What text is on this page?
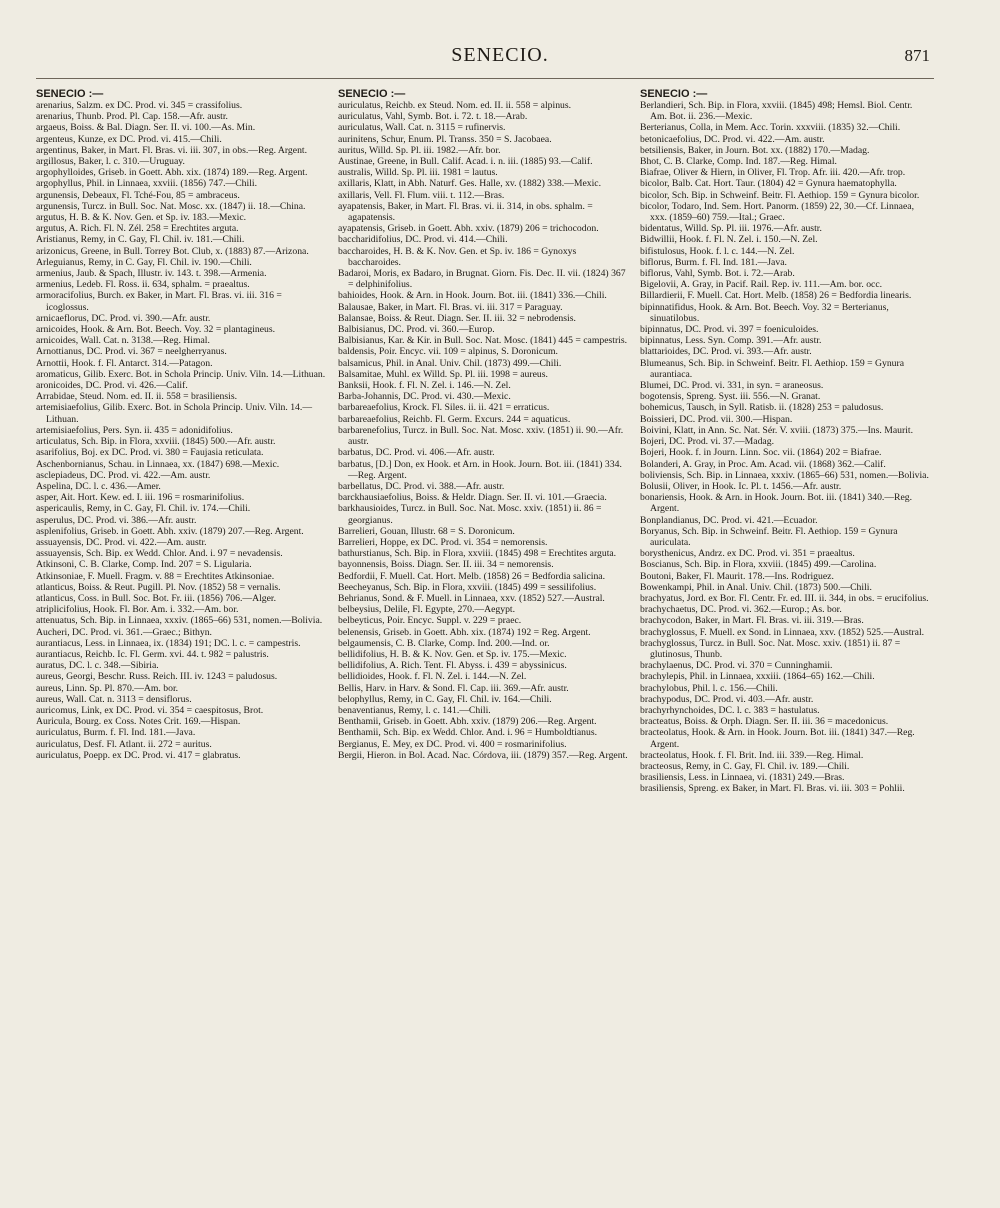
SENECIO.	871
SENECIO :—
arenarius, Salzm. ex DC. Prod. vi. 345 = crassifolius.
arenarius, Thunb. Prod. Pl. Cap. 158.—Afr. austr.
argaeus, Boiss. & Bal. Diagn. Ser. II. vi. 100.—As. Min.
argenteus, Kunze, ex DC. Prod. vi. 415.—Chili.
argentinus, Baker, in Mart. Fl. Bras. vi. iii. 307, in obs.—Reg. Argent.
argillosus, Baker, l. c. 310.—Uruguay.
argophylloides, Griseb. in Goett. Abh. xix. (1874) 189.—Reg. Argent.
argophyllus, Phil. in Linnaea, xxviii. (1856) 747.—Chili.
argunensis, Debeaux, Fl. Tché-Fou, 85 = ambraceus.
argunensis, Turcz. in Bull. Soc. Nat. Mosc. xx. (1847) ii. 18.—China.
argutus, H. B. & K. Nov. Gen. et Sp. iv. 183.—Mexic.
argutus, A. Rich. Fl. N. Zél. 258 = Erechtites arguta.
Aristianus, Remy, in C. Gay, Fl. Chil. iv. 181.—Chili.
arizonicus, Greene, in Bull. Torrey Bot. Club, x. (1883) 87.—Arizona.
Arleguianus, Remy, in C. Gay, Fl. Chil. iv. 190.—Chili.
armenius, Jaub. & Spach, Illustr. iv. 143. t. 398.—Armenia.
armenius, Ledeb. Fl. Ross. ii. 634, sphalm. = praealtus.
armoracifolius, Burch. ex Baker, in Mart. Fl. Bras. vi. iii. 316 = icoglossus.
arnicaeflorus, DC. Prod. vi. 390.—Afr. austr.
arnicoides, Hook. & Arn. Bot. Beech. Voy. 32 = plantagineus.
arnicoides, Wall. Cat. n. 3138.—Reg. Himal.
Arnottianus, DC. Prod. vi. 367 = neelgherryanus.
Arnottii, Hook. f. Fl. Antarct. 314.—Patagon.
aromaticus, Gilib. Exerc. Bot. in Schola Princip. Univ. Viln. 14.—Lithuan.
aronicoides, DC. Prod. vi. 426.—Calif.
Arrabidae, Steud. Nom. ed. II. ii. 558 = brasiliensis.
artemisiaefolius, Gilib. Exerc. Bot. in Schola Princip. Univ. Viln. 14.—Lithuan.
artemisiaefolius, Pers. Syn. ii. 435 = adonidifolius.
articulatus, Sch. Bip. in Flora, xxviii. (1845) 500.—Afr. austr.
asarifolius, Boj. ex DC. Prod. vi. 380 = Faujasia reticulata.
Aschenbornianus, Schau. in Linnaea, xx. (1847) 698.—Mexic.
asclepiadeus, DC. Prod. vi. 422.—Am. austr.
Aspelina, DC. l. c. 436.—Amer.
asper, Ait. Hort. Kew. ed. I. iii. 196 = rosmarinifolius.
aspericaulis, Remy, in C. Gay, Fl. Chil. iv. 174.—Chili.
asperulus, DC. Prod. vi. 386.—Afr. austr.
asplenifolius, Griseb. in Goett. Abh. xxiv. (1879) 207.—Reg. Argent.
assuayensis, DC. Prod. vi. 422.—Am. austr.
assuayensis, Sch. Bip. ex Wedd. Chlor. And. i. 97 = nevadensis.
Atkinsoni, C. B. Clarke, Comp. Ind. 207 = S. Ligularia.
Atkinsoniae, F. Muell. Fragm. v. 88 = Erechtites Atkinsoniae.
atlanticus, Boiss. & Reut. Pugill. Pl. Nov. (1852) 58 = vernalis.
atlanticus, Coss. in Bull. Soc. Bot. Fr. iii. (1856) 706.—Alger.
atriplicifolius, Hook. Fl. Bor. Am. i. 332.—Am. bor.
attenuatus, Sch. Bip. in Linnaea, xxxiv. (1865–66) 531, nomen.—Bolivia.
Aucheri, DC. Prod. vi. 361.—Graec.; Bithyn.
aurantiacus, Less. in Linnaea, ix. (1834) 191; DC. l. c. = campestris.
aurantiacus, Reichb. Ic. Fl. Germ. xvi. 44. t. 982 = palustris.
auratus, DC. l. c. 348.—Sibiria.
aureus, Georgi, Beschr. Russ. Reich. III. iv. 1243 = paludosus.
aureus, Linn. Sp. Pl. 870.—Am. bor.
aureus, Wall. Cat. n. 3113 = densiflorus.
auricomus, Link, ex DC. Prod. vi. 354 = caespitosus, Brot.
Auricula, Bourg. ex Coss. Notes Crit. 169.—Hispan.
auriculatus, Burm. f. Fl. Ind. 181.—Java.
auriculatus, Desf. Fl. Atlant. ii. 272 = auritus.
auriculatus, Poepp. ex DC. Prod. vi. 417 = glabratus.
SENECIO :—
auriculatus, Reichb. ex Steud. Nom. ed. II. ii. 558 = alpinus.
auriculatus, Vahl, Symb. Bot. i. 72. t. 18.—Arab.
auriculatus, Wall. Cat. n. 3115 = rufinervis.
aurinitens, Schur, Enum. Pl. Transs. 350 = S. Jacobaea.
auritus, Willd. Sp. Pl. iii. 1982.—Afr. bor.
Austinae, Greene, in Bull. Calif. Acad. i. n. iii. (1885) 93.—Calif.
australis, Willd. Sp. Pl. iii. 1981 = lautus.
axillaris, Klatt, in Abh. Naturf. Ges. Halle, xv. (1882) 338.—Mexic.
axillaris, Vell. Fl. Flum. viii. t. 112.—Bras.
ayapatensis, Baker, in Mart. Fl. Bras. vi. ii. 314, in obs. sphalm. = agapatensis.
ayapatensis, Griseb. in Goett. Abh. xxiv. (1879) 206 = trichocodon.
baccharidifolius, DC. Prod. vi. 414.—Chili.
baccharoides, H. B. & K. Nov. Gen. et Sp. iv. 186 = Gynoxys baccharoides.
Badaroi, Moris, ex Badaro, in Brugnat. Giorn. Fis. Dec. II. vii. (1824) 367 = delphinifolius.
bahioides, Hook. & Arn. in Hook. Journ. Bot. iii. (1841) 336.—Chili.
Balausae, Baker, in Mart. Fl. Bras. vi. iii. 317 = Paraguay.
Balansae, Boiss. & Reut. Diagn. Ser. II. iii. 32 = nebrodensis.
Balbisianus, DC. Prod. vi. 360.—Europ.
Balbisianus, Kar. & Kir. in Bull. Soc. Nat. Mosc. (1841) 445 = campestris.
baldensis, Poir. Encyc. vii. 109 = alpinus, S. Doronicum.
balsamicus, Phil. in Anal. Univ. Chil. (1873) 499.—Chili.
Balsamitae, Muhl. ex Willd. Sp. Pl. iii. 1998 = aureus.
Banksii, Hook. f. Fl. N. Zel. i. 146.—N. Zel.
Barba-Johannis, DC. Prod. vi. 430.—Mexic.
barbareaefolius, Krock. Fl. Siles. ii. ii. 421 = erraticus.
barbareaefolius, Reichb. Fl. Germ. Excurs. 244 = aquaticus.
barbarenefolius, Turcz. in Bull. Soc. Nat. Mosc. xxiv. (1851) ii. 90.—Afr. austr.
barbatus, DC. Prod. vi. 406.—Afr. austr.
barbatus, [D.] Don, ex Hook. et Arn. in Hook. Journ. Bot. iii. (1841) 334.—Reg. Argent.
barbellatus, DC. Prod. vi. 388.—Afr. austr.
barckhausiaefolius, Boiss. & Heldr. Diagn. Ser. II. vi. 101.—Graecia.
barkhausioides, Turcz. in Bull. Soc. Nat. Mosc. xxiv. (1851) ii. 86 = georgianus.
Barrelieri, Gouan, Illustr. 68 = S. Doronicum.
Barrelieri, Hoppe, ex DC. Prod. vi. 354 = nemorensis.
bathurstianus, Sch. Bip. in Flora, xxviii. (1845) 498 = Erechtites arguta.
bayonnensis, Boiss. Diagn. Ser. II. iii. 34 = nemorensis.
Bedfordii, F. Muell. Cat. Hort. Melb. (1858) 26 = Bedfordia salicina.
Beecheyanus, Sch. Bip. in Flora, xxviii. (1845) 499 = sessilifolius.
Behrianus, Sond. & F. Muell. in Linnaea, xxv. (1852) 527.—Austral.
belbeysius, Delile, Fl. Egypte, 270.—Aegypt.
belbeyticus, Poir. Encyc. Suppl. v. 229 = praec.
belenensis, Griseb. in Goett. Abh. xix. (1874) 192 = Reg. Argent.
belgaumensis, C. B. Clarke, Comp. Ind. 200.—Ind. or.
bellidifolius, H. B. & K. Nov. Gen. et Sp. iv. 175.—Mexic.
bellidifolius, A. Rich. Tent. Fl. Abyss. i. 439 = abyssinicus.
bellidioides, Hook. f. Fl. N. Zel. i. 144.—N. Zel.
Bellis, Harv. in Harv. & Sond. Fl. Cap. iii. 369.—Afr. austr.
belophyllus, Remy, in C. Gay, Fl. Chil. iv. 164.—Chili.
benaventianus, Remy, l. c. 141.—Chili.
Benthamii, Griseb. in Goett. Abh. xxiv. (1879) 206.—Reg. Argent.
Benthamii, Sch. Bip. ex Wedd. Chlor. And. i. 96 = Humboldtianus.
Bergianus, E. Mey, ex DC. Prod. vi. 400 = rosmarinifolius.
Bergii, Hieron. in Bol. Acad. Nac. Córdova, iii. (1879) 357.—Reg. Argent.
SENECIO :—
Berlandieri, Sch. Bip. in Flora, xxviii. (1845) 498; Hemsl. Biol. Centr. Am. Bot. ii. 236.—Mexic.
Berterianus, Colla, in Mem. Acc. Torin. xxxviii. (1835) 32.—Chili.
betonicaefolius, DC. Prod. vi. 422.—Am. austr.
betsiliensis, Baker, in Journ. Bot. xx. (1882) 170.—Madag.
Bhot, C. B. Clarke, Comp. Ind. 187.—Reg. Himal.
Biafrae, Oliver & Hiern, in Oliver, Fl. Trop. Afr. iii. 420.—Afr. trop.
bicolor, Balb. Cat. Hort. Taur. (1804) 42 = Gynura haematophylla.
bicolor, Sch. Bip. in Schweinf. Beitr. Fl. Aethiop. 159 = Gynura bicolor.
bicolor, Todaro, Ind. Sem. Hort. Panorm. (1859) 22, 30.—Cf. Linnaea, xxx. (1859–60) 759.—Ital.; Graec.
bidentatus, Willd. Sp. Pl. iii. 1976.—Afr. austr.
Bidwillii, Hook. f. Fl. N. Zel. i. 150.—N. Zel.
bifistulosus, Hook. f. l. c. 144.—N. Zel.
biflorus, Burm. f. Fl. Ind. 181.—Java.
biflorus, Vahl, Symb. Bot. i. 72.—Arab.
Bigelovii, A. Gray, in Pacif. Rail. Rep. iv. 111.—Am. bor. occ.
Billardierii, F. Muell. Cat. Hort. Melb. (1858) 26 = Bedfordia linearis.
bipinnatifidus, Hook. & Arn. Bot. Beech. Voy. 32 = Berterianus, sinuatilobus.
bipinnatus, DC. Prod. vi. 397 = foeniculoides.
bipinnatus, Less. Syn. Comp. 391.—Afr. austr.
blattarioides, DC. Prod. vi. 393.—Afr. austr.
Blumeanus, Sch. Bip. in Schweinf. Beitr. Fl. Aethiop. 159 = Gynura aurantiaca.
Blumei, DC. Prod. vi. 331, in syn. = araneosus.
bogotensis, Spreng. Syst. iii. 556.—N. Granat.
bohemicus, Tausch, in Syll. Ratisb. ii. (1828) 253 = paludosus.
Boissieri, DC. Prod. vii. 300.—Hispan.
Boivini, Klatt, in Ann. Sc. Nat. Sér. V. xviii. (1873) 375.—Ins. Maurit.
Bojeri, DC. Prod. vi. 37.—Madag.
Bojeri, Hook. f. in Journ. Linn. Soc. vii. (1864) 202 = Biafrae.
Bolanderi, A. Gray, in Proc. Am. Acad. vii. (1868) 362.—Calif.
boliviensis, Sch. Bip. in Linnaea, xxxiv. (1865–66) 531, nomen.—Bolivia.
Bolusii, Oliver, in Hook. Ic. Pl. t. 1456.—Afr. austr.
bonariensis, Hook. & Arn. in Hook. Journ. Bot. iii. (1841) 340.—Reg. Argent.
Bonplandianus, DC. Prod. vi. 421.—Ecuador.
Boryanus, Sch. Bip. in Schweinf. Beitr. Fl. Aethiop. 159 = Gynura auriculata.
borysthenicus, Andrz. ex DC. Prod. vi. 351 = praealtus.
Boscianus, Sch. Bip. in Flora, xxviii. (1845) 499.—Carolina.
Boutoni, Baker, Fl. Maurit. 178.—Ins. Rodriguez.
Bowenkampi, Phil. in Anal. Univ. Chil. (1873) 500.—Chili.
brachyatus, Jord. ex Bor. Fl. Centr. Fr. ed. III. ii. 344, in obs. = erucifolius.
brachychaetus, DC. Prod. vi. 362.—Europ.; As. bor.
brachycodon, Baker, in Mart. Fl. Bras. vi. iii. 319.—Bras.
brachyglossus, F. Muell. ex Sond. in Linnaea, xxv. (1852) 525.—Austral.
brachyglossus, Turcz. in Bull. Soc. Nat. Mosc. xxiv. (1851) ii. 87 = glutinosus, Thunb.
brachylaenus, DC. Prod. vi. 370 = Cunninghamii.
brachylepis, Phil. in Linnaea, xxxiii. (1864–65) 162.—Chili.
brachylobus, Phil. l. c. 156.—Chili.
brachypodus, DC. Prod. vi. 403.—Afr. austr.
brachyrhynchoides, DC. l. c. 383 = hastulatus.
bracteatus, Boiss. & Orph. Diagn. Ser. II. iii. 36 = macedonicus.
bracteolatus, Hook. & Arn. in Hook. Journ. Bot. iii. (1841) 347.—Reg. Argent.
bracteolatus, Hook. f. Fl. Brit. Ind. iii. 339.—Reg. Himal.
bracteosus, Remy, in C. Gay, Fl. Chil. iv. 189.—Chili.
brasiliensis, Less. in Linnaea, vi. (1831) 249.—Bras.
brasiliensis, Spreng. ex Baker, in Mart. Fl. Bras. vi. iii. 303 = Pohlii.
